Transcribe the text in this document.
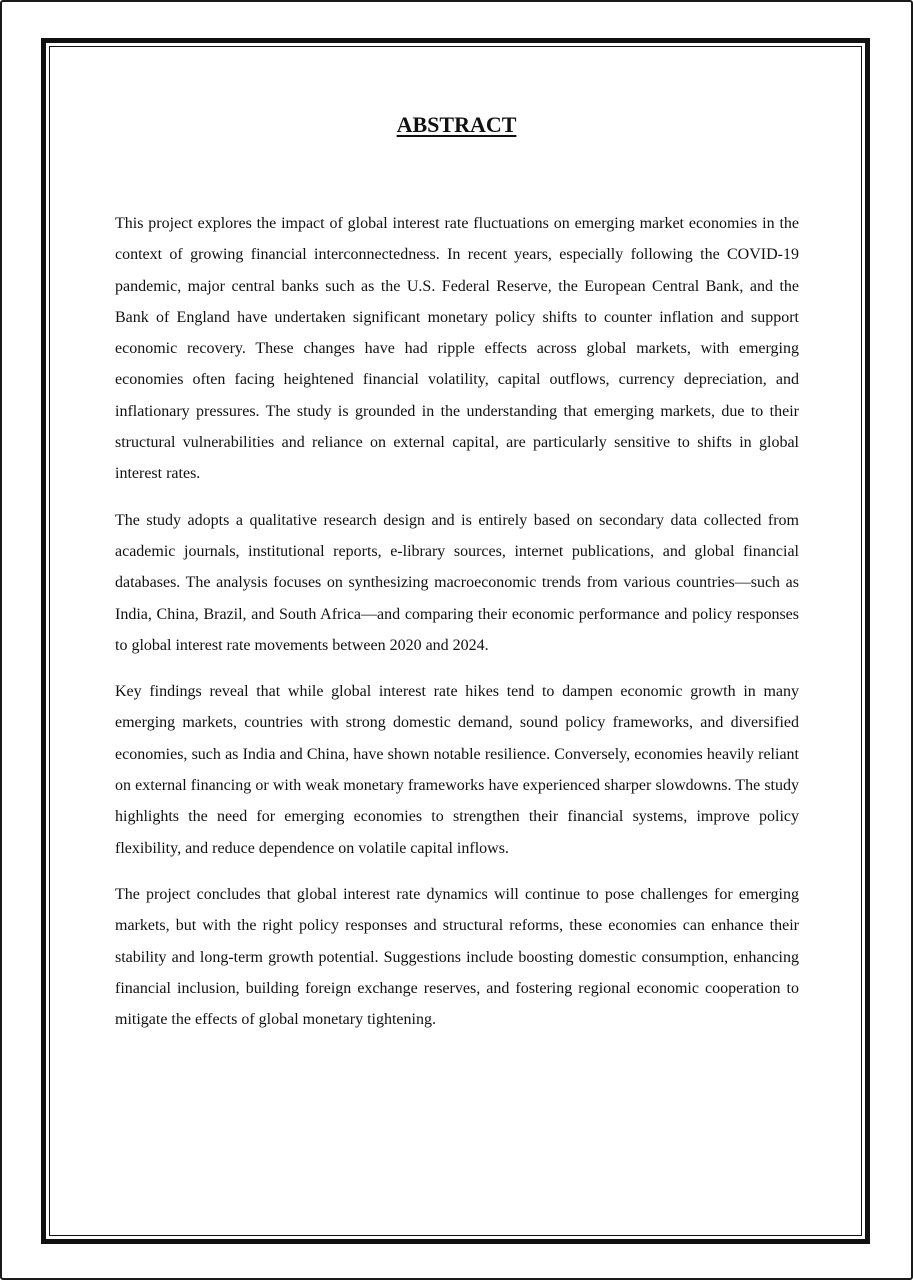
ABSTRACT

This project explores the impact of global interest rate fluctuations on emerging market economies in the context of growing financial interconnectedness. In recent years, especially following the COVID-19 pandemic, major central banks such as the U.S. Federal Reserve, the European Central Bank, and the Bank of England have undertaken significant monetary policy shifts to counter inflation and support economic recovery. These changes have had ripple effects across global markets, with emerging economies often facing heightened financial volatility, capital outflows, currency depreciation, and inflationary pressures. The study is grounded in the understanding that emerging markets, due to their structural vulnerabilities and reliance on external capital, are particularly sensitive to shifts in global interest rates.

The study adopts a qualitative research design and is entirely based on secondary data collected from academic journals, institutional reports, e-library sources, internet publications, and global financial databases. The analysis focuses on synthesizing macroeconomic trends from various countries—such as India, China, Brazil, and South Africa—and comparing their economic performance and policy responses to global interest rate movements between 2020 and 2024.

Key findings reveal that while global interest rate hikes tend to dampen economic growth in many emerging markets, countries with strong domestic demand, sound policy frameworks, and diversified economies, such as India and China, have shown notable resilience. Conversely, economies heavily reliant on external financing or with weak monetary frameworks have experienced sharper slowdowns. The study highlights the need for emerging economies to strengthen their financial systems, improve policy flexibility, and reduce dependence on volatile capital inflows.

The project concludes that global interest rate dynamics will continue to pose challenges for emerging markets, but with the right policy responses and structural reforms, these economies can enhance their stability and long-term growth potential. Suggestions include boosting domestic consumption, enhancing financial inclusion, building foreign exchange reserves, and fostering regional economic cooperation to mitigate the effects of global monetary tightening.
